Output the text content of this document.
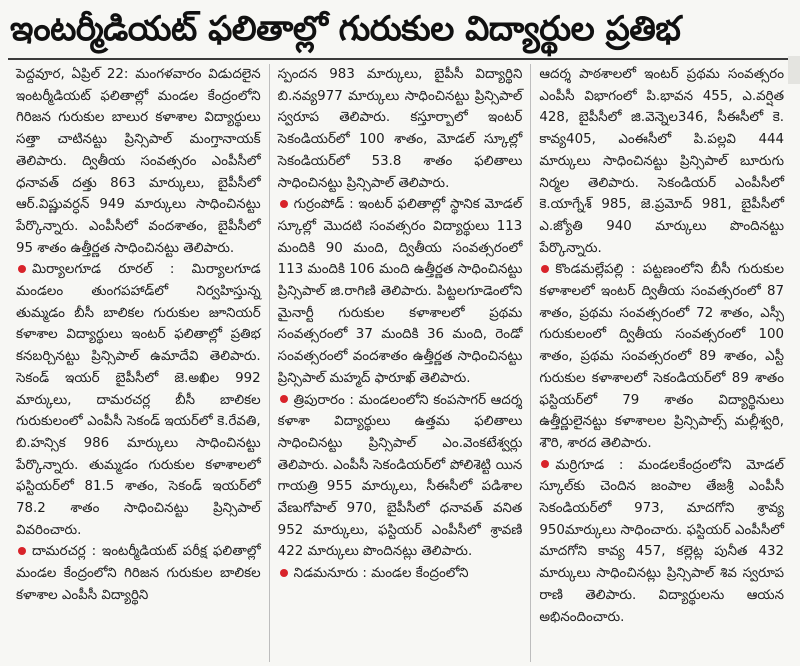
ఇంటర్మీడియట్ ఫలితాల్లో గురుకుల విద్యార్థుల ప్రతిభ

పెద్దవూర, ఏప్రిల్ 22: మంగళవారం విడుదలైన ఇంటర్మీడియట్ ఫలితాల్లో మండల కేంద్రంలోని గిరిజన గురుకుల బాలుర కళాశాల విద్యార్థులు సత్తా చాటినట్టు ప్రిన్సిపాల్ మంగ్తానాయక్ తెలిపారు. ద్వితీయ సంవత్సరం ఎంపీసీలో ధనావత్ దత్తు 863 మార్కులు, బైపీసీలో ఆర్.విష్ణువర్ధన్ 949 మార్కులు సాధించినట్టు పేర్కొన్నారు. ఎంపీసీలో వందశాతం, బైపీసీలో 95 శాతం ఉత్తీర్ణత సాధించినట్టు తెలిపారు.

మిర్యాలగూడ రూరల్ : మిర్యాలగూడ మండలం తుంగపహాడ్‌లో నిర్వహిస్తున్న తుమ్మడం బీసీ బాలికల గురుకుల జూనియర్ కళాశాల విద్యార్థులు ఇంటర్ ఫలితాల్లో ప్రతిభ కనబర్చినట్టు ప్రిన్సిపాల్ ఉమాదేవి తెలిపారు. సెకండ్ ఇయర్ బైపీసీలో జె.అఖిల 992 మార్కులు, దామరచర్ల బీసీ బాలికల గురుకులంలో ఎంపీసీ సెకండ్ ఇయర్‌లో కె.రేవతి, బి.హన్సిక 986 మార్కులు సాధించినట్టు పేర్కొన్నారు. తుమ్మడం గురుకుల కళాశాలలో ఫస్టియర్‌లో 81.5 శాతం, సెకండ్ ఇయర్‌లో 78.2 శాతం సాధించినట్టు ప్రిన్సిపాల్ వివరించారు.

దామరచర్ల : ఇంటర్మీడియట్ పరీక్ష ఫలితాల్లో మండల కేంద్రంలోని గిరిజన గురుకుల బాలికల కళాశాల ఎంపీసీ విద్యార్థిని

స్పందన 983 మార్కులు, బైపీసీ విద్యార్థిని బి.నవ్య977 మార్కులు సాధించినట్టు ప్రిన్సిపాల్ స్వరూప తెలిపారు. కస్తూర్బాలో ఇంటర్ సెకండియర్‌లో 100 శాతం, మోడల్ స్కూల్లో సెకండియర్‌లో 53.8 శాతం ఫలితాలు సాధించినట్టు ప్రిన్సిపాల్ తెలిపారు.

గుర్రంపోడ్ : ఇంటర్ ఫలితాల్లో స్థానిక మోడల్ స్కూల్లో మొదటి సంవత్సరం విద్యార్థులు 113 మందికి 90 మంది, ద్వితీయ సంవత్సరంలో 113 మందికి 106 మంది ఉత్తీర్ణత సాధించినట్టు ప్రిన్సిపాల్ జి.రాగిణి తెలిపారు. పిట్టలగూడెంలోని మైనార్టీ గురుకుల కళాశాలలో ప్రథమ సంవత్సరంలో 37 మందికి 36 మంది, రెండో సంవత్సరంలో వందశాతం ఉత్తీర్ణత సాధించినట్టు ప్రిన్సిపాల్ మహ్మద్ ఫారూఖ్ తెలిపారు.

త్రిపురారం : మండలంలోని కంపసాగర్ ఆదర్శ కళాశా విద్యార్థులు ఉత్తమ ఫలితాలు సాధించినట్టు ప్రిన్సిపాల్ ఎం.వెంకటేశ్వర్లు తెలిపారు. ఎంపీసీ సెకండియర్‌లో పోలిశెట్టి యిన గాయత్రి 955 మార్కులు, సీఈసీలో పడిశాల వేణుగోపాల్ 970, బైపీసీలో ధనావత్ వనిత 952 మార్కులు, ఫస్టియర్ ఎంపీసీలో శ్రావణి 422 మార్కులు పొందినట్లు తెలిపారు.

నిడమనూరు : మండల కేంద్రంలోని

ఆదర్శ పాఠశాలలో ఇంటర్ ప్రథమ సంవత్సరం ఎంపీసీ విభాగంలో పి.భావన 455, ఎ.వర్షిత 428, బైపీసీలో జి.వెన్నెల346, సీఈసీలో కె. కావ్య405, ఎంఈసీలో పి.పల్లవి 444 మార్కులు సాధించినట్టు ప్రిన్సిపాల్ బూరుగు నిర్మల తెలిపారు. సెకండియర్ ఎంపీసీలో కె.యాగ్నేశ్ 985, జె.ప్రమోద్ 981, బైపీసీలో ఎ.జ్యోతి 940 మార్కులు పొందినట్టు పేర్కొన్నారు.

కొండమల్లేపల్లి : పట్టణంలోని బీసీ గురుకుల కళాశాలలో ఇంటర్ ద్వితీయ సంవత్సరంలో 87 శాతం, ప్రథమ సంవత్సరంలో 72 శాతం, ఎస్సీ గురుకులంలో ద్వితీయ సంవత్సరంలో 100 శాతం, ప్రథమ సంవత్సరంలో 89 శాతం, ఎస్టీ గురుకుల కళాశాలలో సెకండియర్‌లో 89 శాతం ఫస్టియర్‌లో 79 శాతం విద్యార్థినులు ఉత్తీర్ణులైనట్టు కళాశాలల ప్రిన్సిపాల్స్ మల్లీశ్వరి, శౌరి, శారద తెలిపారు.

మర్రిగూడ : మండలకేంద్రంలోని మోడల్ స్కూల్‌కు చెందిన జంపాల తేజశ్రీ ఎంపీసీ సెకండియర్‌లో 973, మాదగోని శ్రావ్య 950మార్కులు సాధించారు. ఫస్టియర్ ఎంపీసీలో మాదగోని కావ్య 457, కల్లెట్ల పునీత 432 మార్కులు సాధించినట్లు ప్రిన్సిపాల్ శివ స్వరూప రాణి తెలిపారు. విద్యార్థులను ఆయన అభినందించారు.
